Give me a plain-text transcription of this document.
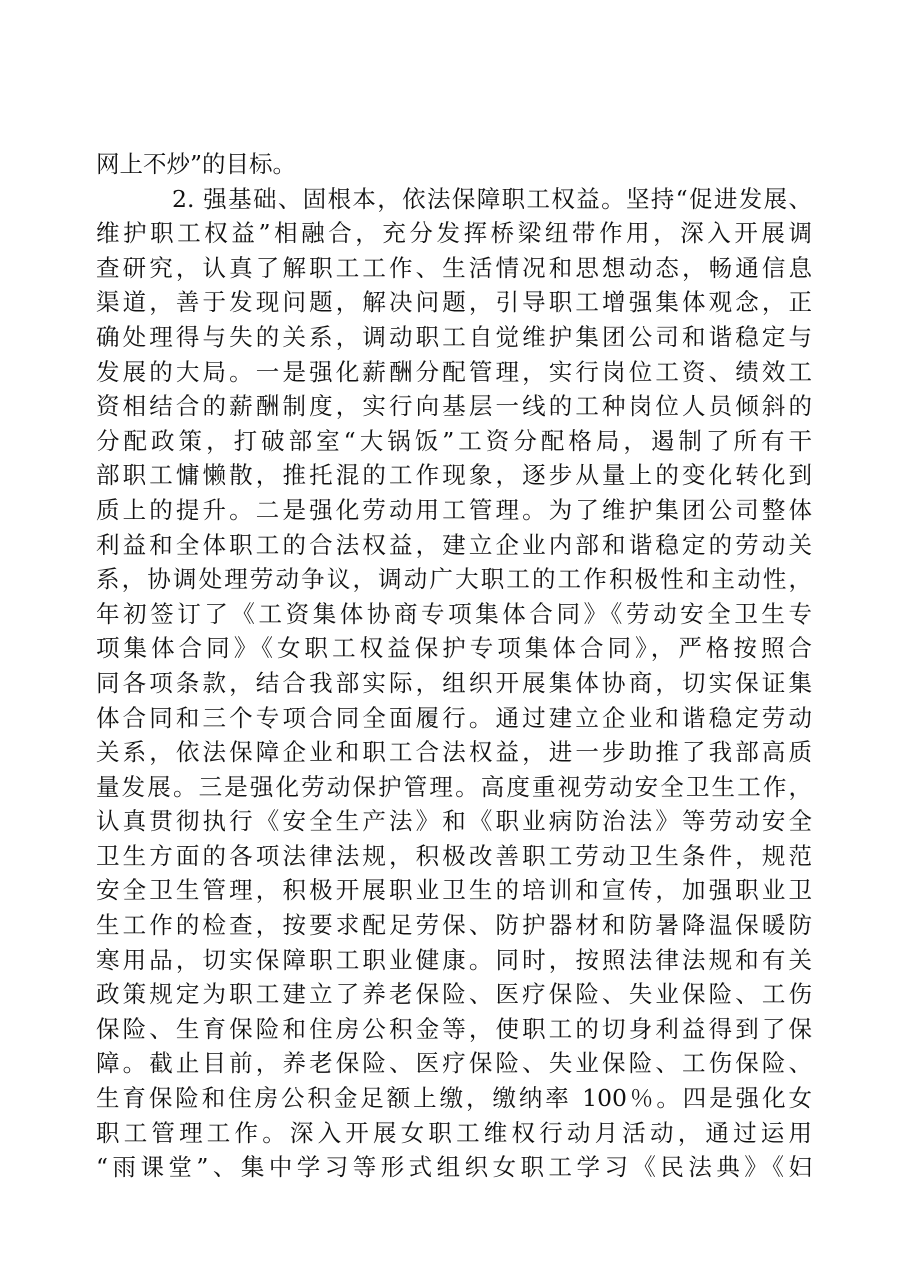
网上不炒”的目标。
2. 强基础、固根本，依法保障职工权益。坚持“促进发展、
维护职工权益”相融合，充分发挥桥梁纽带作用，深入开展调
查研究，认真了解职工工作、生活情况和思想动态，畅通信息
渠道，善于发现问题，解决问题，引导职工增强集体观念，正
确处理得与失的关系，调动职工自觉维护集团公司和谐稳定与
发展的大局。一是强化薪酬分配管理，实行岗位工资、绩效工
资相结合的薪酬制度，实行向基层一线的工种岗位人员倾斜的
分配政策，打破部室“大锅饭”工资分配格局，遏制了所有干
部职工慵懒散，推托混的工作现象，逐步从量上的变化转化到
质上的提升。二是强化劳动用工管理。为了维护集团公司整体
利益和全体职工的合法权益，建立企业内部和谐稳定的劳动关
系，协调处理劳动争议，调动广大职工的工作积极性和主动性，
年初签订了《工资集体协商专项集体合同》《劳动安全卫生专
项集体合同》《女职工权益保护专项集体合同》，严格按照合
同各项条款，结合我部实际，组织开展集体协商，切实保证集
体合同和三个专项合同全面履行。通过建立企业和谐稳定劳动
关系，依法保障企业和职工合法权益，进一步助推了我部高质
量发展。三是强化劳动保护管理。高度重视劳动安全卫生工作，
认真贯彻执行《安全生产法》和《职业病防治法》等劳动安全
卫生方面的各项法律法规，积极改善职工劳动卫生条件，规范
安全卫生管理，积极开展职业卫生的培训和宣传，加强职业卫
生工作的检查，按要求配足劳保、防护器材和防暑降温保暖防
寒用品，切实保障职工职业健康。同时，按照法律法规和有关
政策规定为职工建立了养老保险、医疗保险、失业保险、工伤
保险、生育保险和住房公积金等，使职工的切身利益得到了保
障。截止目前，养老保险、医疗保险、失业保险、工伤保险、
生育保险和住房公积金足额上缴，缴纳率 100％。四是强化女
职工管理工作。深入开展女职工维权行动月活动，通过运用
“雨课堂”、集中学习等形式组织女职工学习《民法典》《妇
